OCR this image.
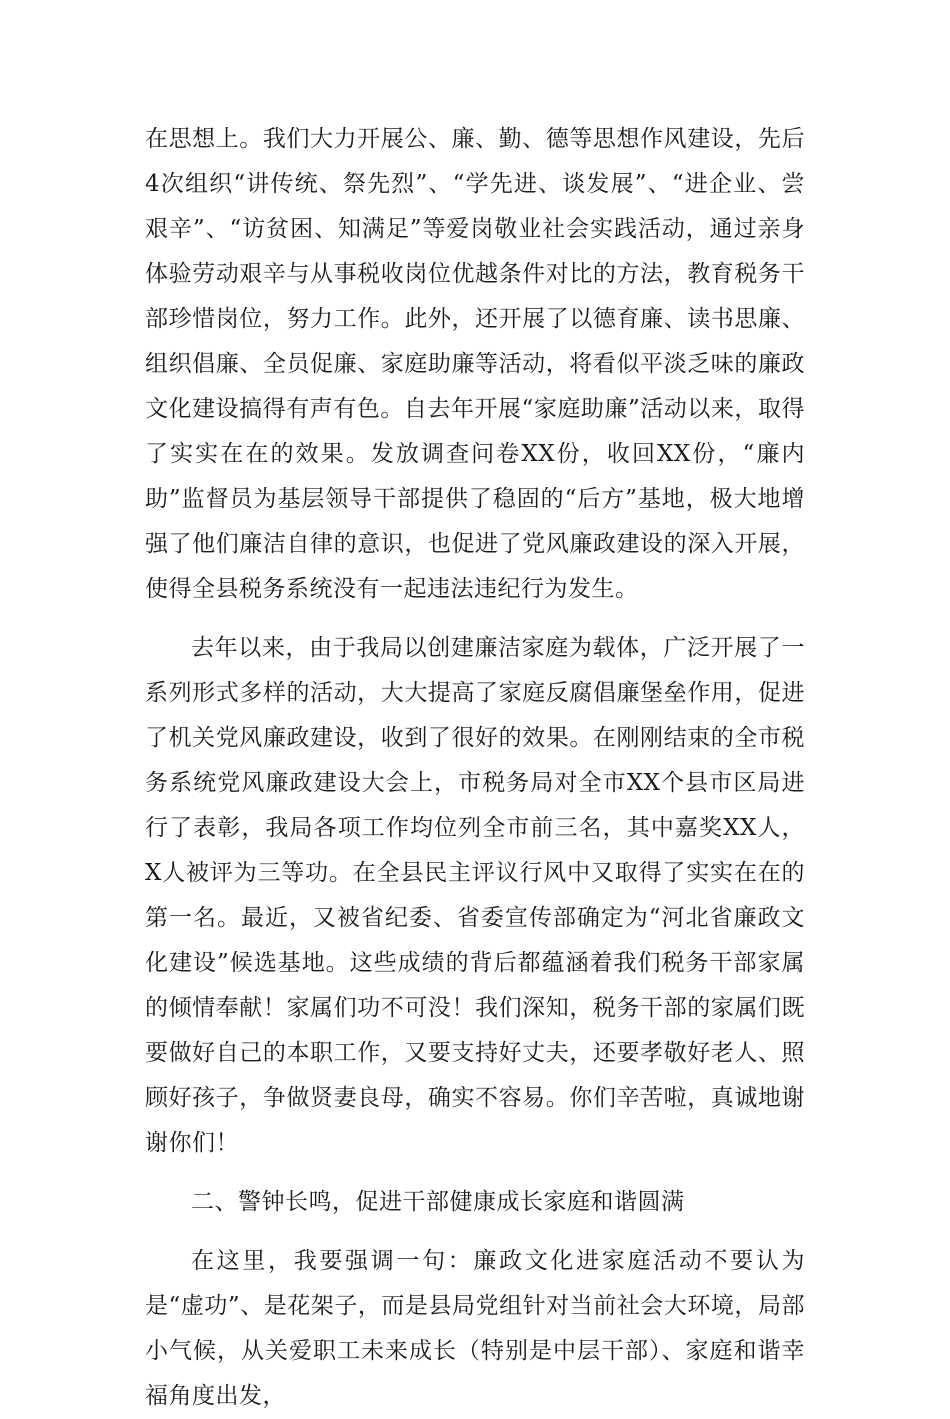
在思想上。我们大力开展公、廉、勤、德等思想作风建设，先后4次组织“讲传统、祭先烈”、“学先进、谈发展”、“进企业、尝艰辛”、“访贫困、知满足”等爱岗敬业社会实践活动，通过亲身体验劳动艰辛与从事税收岗位优越条件对比的方法，教育税务干部珍惜岗位，努力工作。此外，还开展了以德育廉、读书思廉、组织倡廉、全员促廉、家庭助廉等活动，将看似平淡乏味的廉政文化建设搞得有声有色。自去年开展“家庭助廉”活动以来，取得了实实在在的效果。发放调查问卷XX份，收回XX份，“廉内助”监督员为基层领导干部提供了稳固的“后方”基地，极大地增强了他们廉洁自律的意识，也促进了党风廉政建设的深入开展，使得全县税务系统没有一起违法违纪行为发生。

去年以来，由于我局以创建廉洁家庭为载体，广泛开展了一系列形式多样的活动，大大提高了家庭反腐倡廉堡垒作用，促进了机关党风廉政建设，收到了很好的效果。在刚刚结束的全市税务系统党风廉政建设大会上，市税务局对全市XX个县市区局进行了表彰，我局各项工作均位列全市前三名，其中嘉奖XX人，X人被评为三等功。在全县民主评议行风中又取得了实实在在的第一名。最近，又被省纪委、省委宣传部确定为“河北省廉政文化建设”候选基地。这些成绩的背后都蕴涵着我们税务干部家属的倾情奉献！家属们功不可没！我们深知，税务干部的家属们既要做好自己的本职工作，又要支持好丈夫，还要孝敬好老人、照顾好孩子，争做贤妻良母，确实不容易。你们辛苦啦，真诚地谢谢你们！

二、警钟长鸣，促进干部健康成长家庭和谐圆满

在这里，我要强调一句：廉政文化进家庭活动不要认为是“虚功”、是花架子，而是县局党组针对当前社会大环境，局部小气候，从关爱职工未来成长（特别是中层干部）、家庭和谐幸福角度出发，
